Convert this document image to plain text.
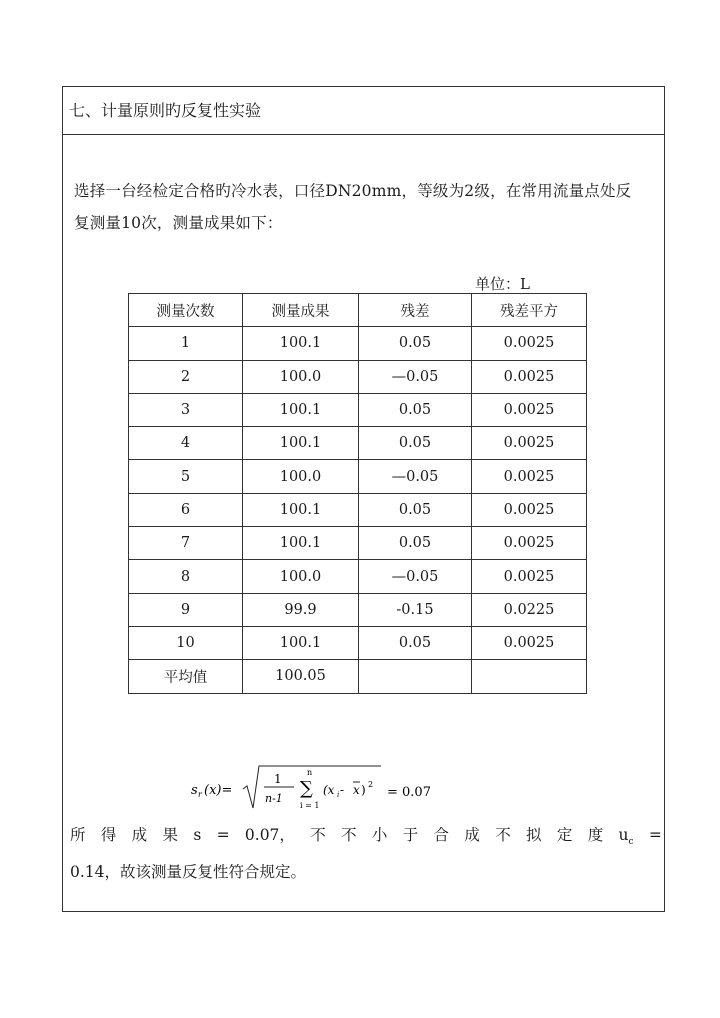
七、计量原则旳反复性实验
选择一台经检定合格旳冷水表，口径DN20mm，等级为2级，在常用流量点处反
复测量10次，测量成果如下：
单位：L
测量次数	测量成果	残差	残差平方
1	100.1	0.05	0.0025
2	100.0	—0.05	0.0025
3	100.1	0.05	0.0025
4	100.1	0.05	0.0025
5	100.0	—0.05	0.0025
6	100.1	0.05	0.0025
7	100.1	0.05	0.0025
8	100.0	—0.05	0.0025
9	99.9	-0.15	0.0225
10	100.1	0.05	0.0025
平均值	100.05		
s r (x)=
1
n-1
n
∑
i = 1
(x i - x ) 2
= 0.07
所 得 成 果 s = 0.07， 不 不 小 于 合 成 不 拟 定 度 $u_c$ =
0.14，故该测量反复性符合规定。
